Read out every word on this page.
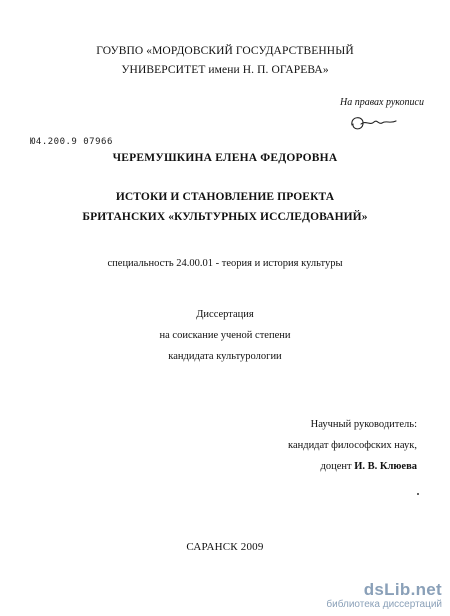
ГОУВПО «МОРДОВСКИЙ ГОСУДАРСТВЕННЫЙ
УНИВЕРСИТЕТ имени Н. П. ОГАРЕВА»
На правах рукописи
Ю4.200.9 07966
ЧЕРЕМУШКИНА ЕЛЕНА ФЕДОРОВНА
ИСТОКИ И СТАНОВЛЕНИЕ ПРОЕКТА
БРИТАНСКИХ «КУЛЬТУРНЫХ ИССЛЕДОВАНИЙ»
специальность 24.00.01 - теория и история культуры
Диссертация
на соискание ученой степени
кандидата культурологии
Научный руководитель:
кандидат философских наук,
доцент И. В. Клюева
САРАНСК 2009
dsLib.net
библиотека диссертаций
